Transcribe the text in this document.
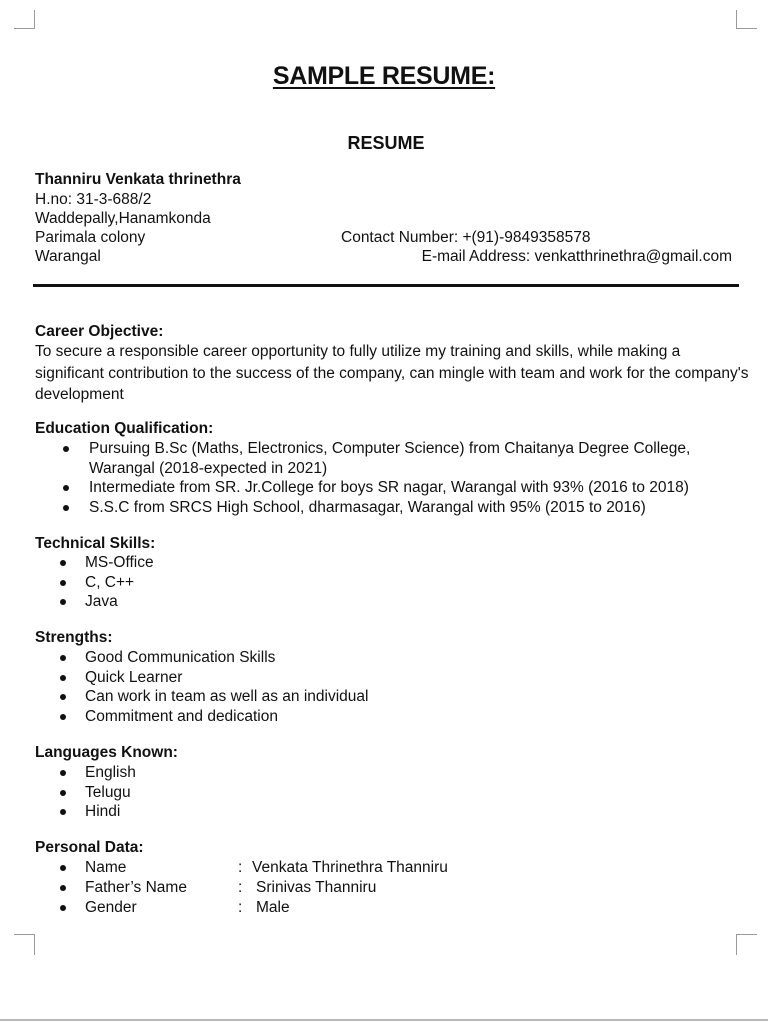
SAMPLE RESUME:
RESUME
Thanniru Venkata thrinethra
H.no: 31-3-688/2
Waddepally,Hanamkonda
Parimala colony
Warangal
Contact Number: +(91)-9849358578
E-mail Address: venkatthrinethra@gmail.com
Career Objective:
To secure a responsible career opportunity to fully utilize my training and skills, while making a significant contribution to the success of the company, can mingle with team and work for the company's development
Education Qualification:
Pursuing B.Sc (Maths, Electronics, Computer Science) from Chaitanya Degree College, Warangal (2018-expected in 2021)
Intermediate from SR. Jr.College for boys SR nagar, Warangal with 93% (2016 to 2018)
S.S.C from SRCS High School, dharmasagar, Warangal with 95% (2015 to 2016)
Technical Skills:
MS-Office
C, C++
Java
Strengths:
Good Communication Skills
Quick Learner
Can work in team as well as an individual
Commitment and dedication
Languages Known:
English
Telugu
Hindi
Personal Data:
Name	: Venkata Thrinethra Thanniru
Father’s Name	: Srinivas Thanniru
Gender	: Male
